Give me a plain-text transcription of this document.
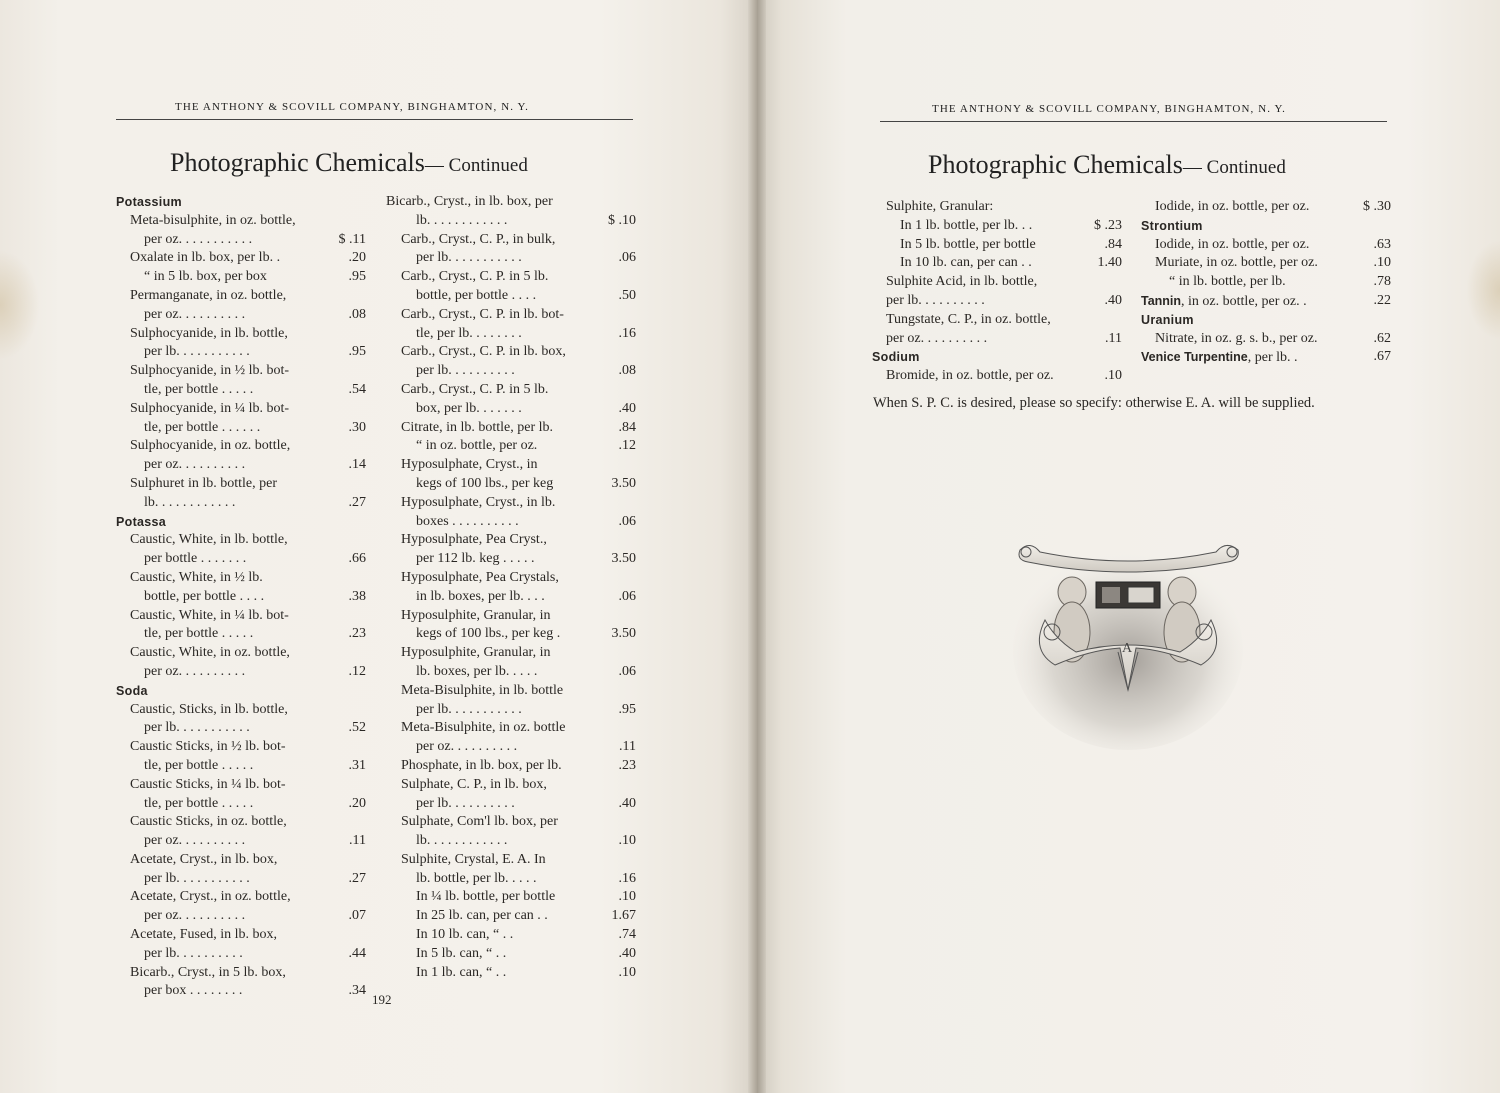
THE ANTHONY & SCOVILL COMPANY, BINGHAMTON, N. Y.
Photographic Chemicals— Continued
Potassium
Meta-bisulphite, in oz. bottle,
per oz. . . . . . . . . . .	$ .11
Oxalate in lb. box, per lb. .	.20
“ in 5 lb. box, per box	.95
Permanganate, in oz. bottle,
per oz. . . . . . . . . .	.08
Sulphocyanide, in lb. bottle,
per lb. . . . . . . . . . .	.95
Sulphocyanide, in ½ lb. bot-
tle, per bottle . . . . .	.54
Sulphocyanide, in ¼ lb. bot-
tle, per bottle . . . . . .	.30
Sulphocyanide, in oz. bottle,
per oz. . . . . . . . . .	.14
Sulphuret in lb. bottle, per
lb. . . . . . . . . . . .	.27
Potassa
Caustic, White, in lb. bottle,
per bottle . . . . . . .	.66
Caustic, White, in ½ lb.
bottle, per bottle . . . .	.38
Caustic, White, in ¼ lb. bot-
tle, per bottle . . . . .	.23
Caustic, White, in oz. bottle,
per oz. . . . . . . . . .	.12
Soda
Caustic, Sticks, in lb. bottle,
per lb. . . . . . . . . . .	.52
Caustic Sticks, in ½ lb. bot-
tle, per bottle . . . . .	.31
Caustic Sticks, in ¼ lb. bot-
tle, per bottle . . . . .	.20
Caustic Sticks, in oz. bottle,
per oz. . . . . . . . . .	.11
Acetate, Cryst., in lb. box,
per lb. . . . . . . . . . .	.27
Acetate, Cryst., in oz. bottle,
per oz. . . . . . . . . .	.07
Acetate, Fused, in lb. box,
per lb. . . . . . . . . .	.44
Bicarb., Cryst., in 5 lb. box,
per box . . . . . . . .	.34
Bicarb., Cryst., in lb. box, per
lb. . . . . . . . . . . .	$ .10
Carb., Cryst., C. P., in bulk,
per lb. . . . . . . . . . .	.06
Carb., Cryst., C. P. in 5 lb.
bottle, per bottle . . . .	.50
Carb., Cryst., C. P. in lb. bot-
tle, per lb. . . . . . . .	.16
Carb., Cryst., C. P. in lb. box,
per lb. . . . . . . . . .	.08
Carb., Cryst., C. P. in 5 lb.
box, per lb. . . . . . .	.40
Citrate, in lb. bottle, per lb.	.84
“ in oz. bottle, per oz.	.12
Hyposulphate, Cryst., in
kegs of 100 lbs., per keg	3.50
Hyposulphate, Cryst., in lb.
boxes . . . . . . . . . .	.06
Hyposulphate, Pea Cryst.,
per 112 lb. keg . . . . .	3.50
Hyposulphate, Pea Crystals,
in lb. boxes, per lb. . . .	.06
Hyposulphite, Granular, in
kegs of 100 lbs., per keg .	3.50
Hyposulphite, Granular, in
lb. boxes, per lb. . . . .	.06
Meta-Bisulphite, in lb. bottle
per lb. . . . . . . . . . .	.95
Meta-Bisulphite, in oz. bottle
per oz. . . . . . . . . .	.11
Phosphate, in lb. box, per lb.	.23
Sulphate, C. P., in lb. box,
per lb. . . . . . . . . .	.40
Sulphate, Com'l lb. box, per
lb. . . . . . . . . . . .	.10
Sulphite, Crystal, E. A. In
lb. bottle, per lb. . . . .	.16
In ¼ lb. bottle, per bottle	.10
In 25 lb. can, per can . .	1.67
In 10 lb. can, “ . .	.74
In 5 lb. can, “ . .	.40
In 1 lb. can, “ . .	.10
192
THE ANTHONY & SCOVILL COMPANY, BINGHAMTON, N. Y.
Photographic Chemicals— Continued
Sulphite, Granular:
In 1 lb. bottle, per lb. . .	$ .23
In 5 lb. bottle, per bottle	.84
In 10 lb. can, per can . .	1.40
Sulphite Acid, in lb. bottle,
per lb. . . . . . . . . .	.40
Tungstate, C. P., in oz. bottle,
per oz. . . . . . . . . .	.11
Sodium
Bromide, in oz. bottle, per oz.	.10
Iodide, in oz. bottle, per oz.	$ .30
Strontium
Iodide, in oz. bottle, per oz.	.63
Muriate, in oz. bottle, per oz.	.10
“ in lb. bottle, per lb.	.78
Tannin, in oz. bottle, per oz. .	.22
Uranium
Nitrate, in oz. g. s. b., per oz.	.62
Venice Turpentine, per lb. .	.67
When S. P. C. is desired, please so specify: otherwise E. A. will be supplied.
A
